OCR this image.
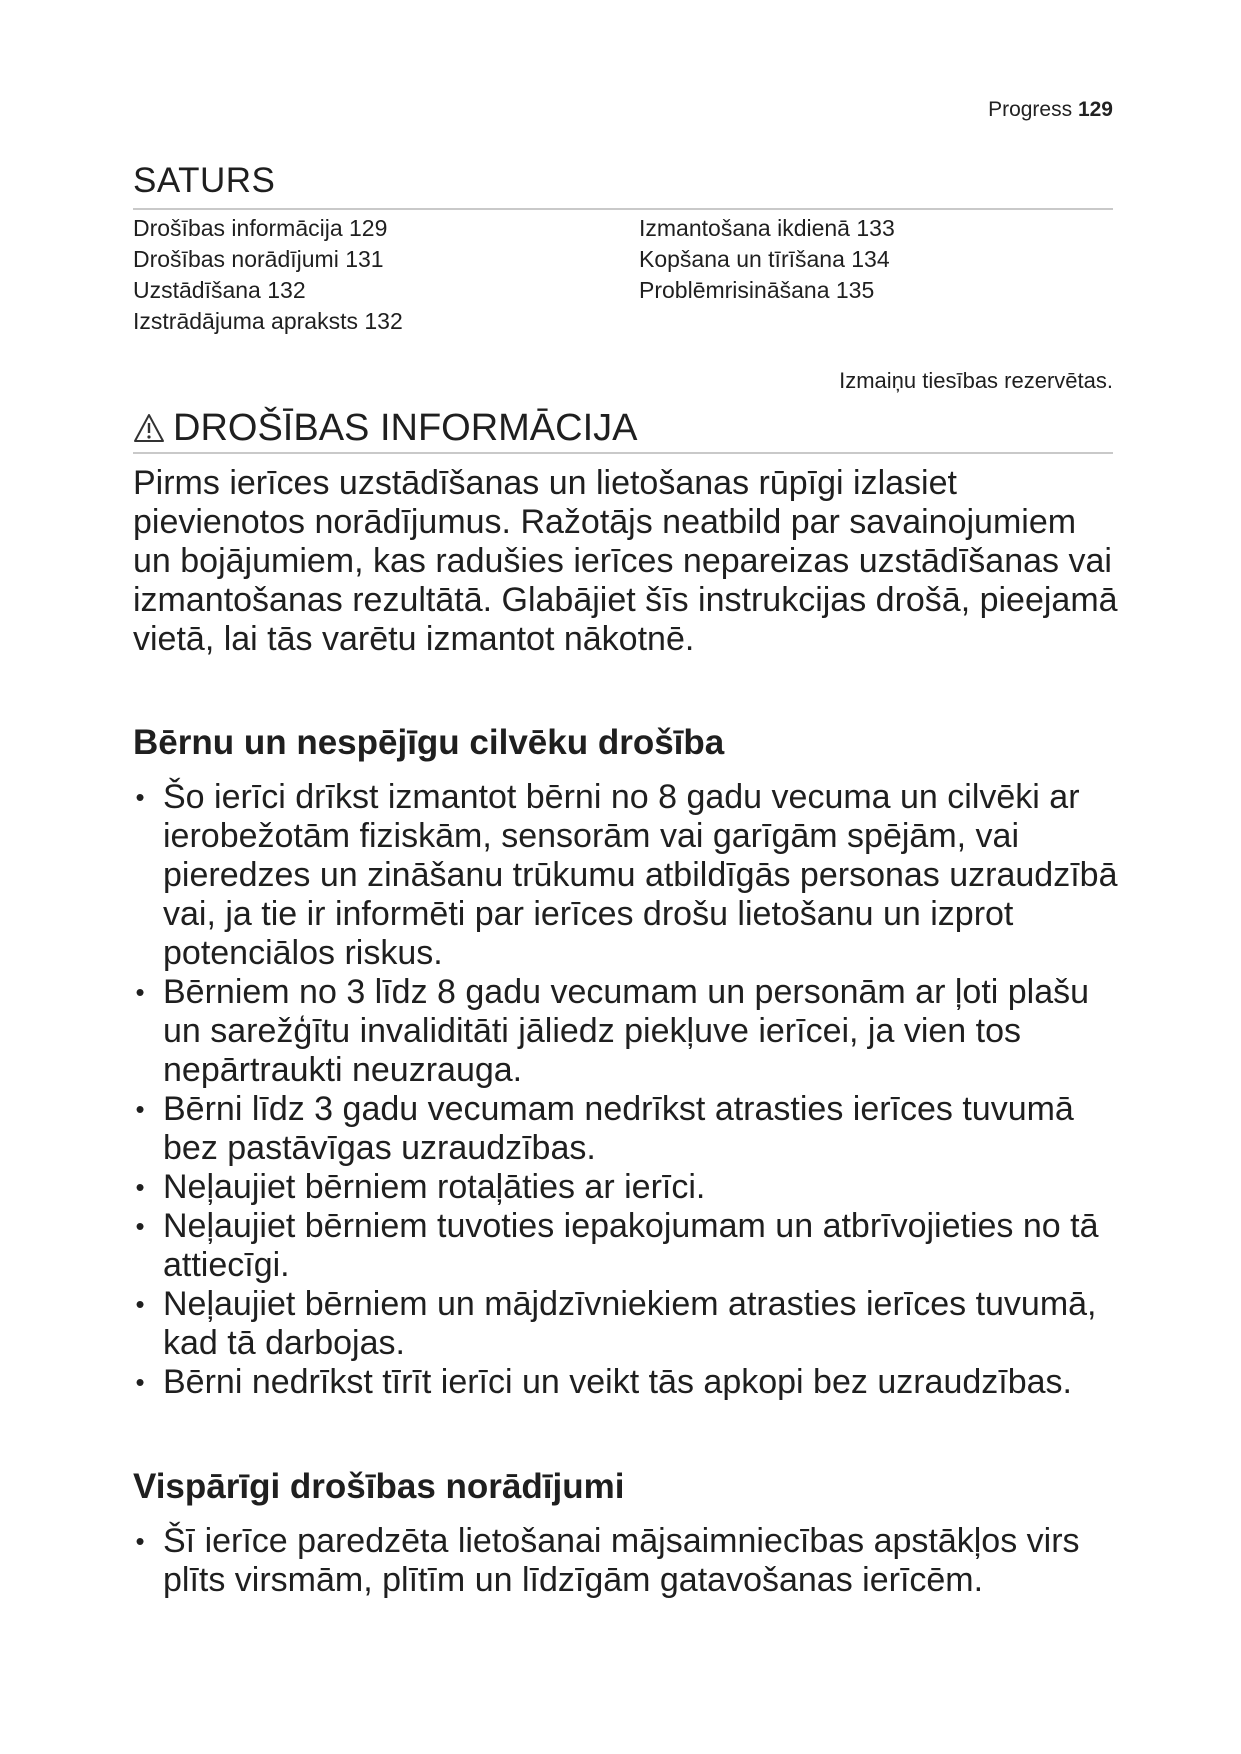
Progress 129
SATURS
Drošības informācija 129
Drošības norādījumi 131
Uzstādīšana 132
Izstrādājuma apraksts 132
Izmantošana ikdienā 133
Kopšana un tīrīšana 134
Problēmrisināšana 135
Izmaiņu tiesības rezervētas.
DROŠĪBAS INFORMĀCIJA

Pirms ierīces uzstādīšanas un lietošanas rūpīgi izlasiet pievienotos norādījumus. Ražotājs neatbild par savainojumiem un bojājumiem, kas radušies ierīces nepareizas uzstādīšanas vai izmantošanas rezultātā. Glabājiet šīs instrukcijas drošā, pieejamā vietā, lai tās varētu izmantot nākotnē.

Bērnu un nespējīgu cilvēku drošība
• Šo ierīci drīkst izmantot bērni no 8 gadu vecuma un cilvēki ar ierobežotām fiziskām, sensorām vai garīgām spējām, vai pieredzes un zināšanu trūkumu atbildīgās personas uzraudzībā vai, ja tie ir informēti par ierīces drošu lietošanu un izprot potenciālos riskus.
• Bērniem no 3 līdz 8 gadu vecumam un personām ar ļoti plašu un sarežģītu invaliditāti jāliedz piekļuve ierīcei, ja vien tos nepārtraukti neuzrauga.
• Bērni līdz 3 gadu vecumam nedrīkst atrasties ierīces tuvumā bez pastāvīgas uzraudzības.
• Neļaujiet bērniem rotaļāties ar ierīci.
• Neļaujiet bērniem tuvoties iepakojumam un atbrīvojieties no tā attiecīgi.
• Neļaujiet bērniem un mājdzīvniekiem atrasties ierīces tuvumā, kad tā darbojas.
• Bērni nedrīkst tīrīt ierīci un veikt tās apkopi bez uzraudzības.
Vispārīgi drošības norādījumi
• Šī ierīce paredzēta lietošanai mājsaimniecības apstākļos virs plīts virsmām, plītīm un līdzīgām gatavošanas ierīcēm.
